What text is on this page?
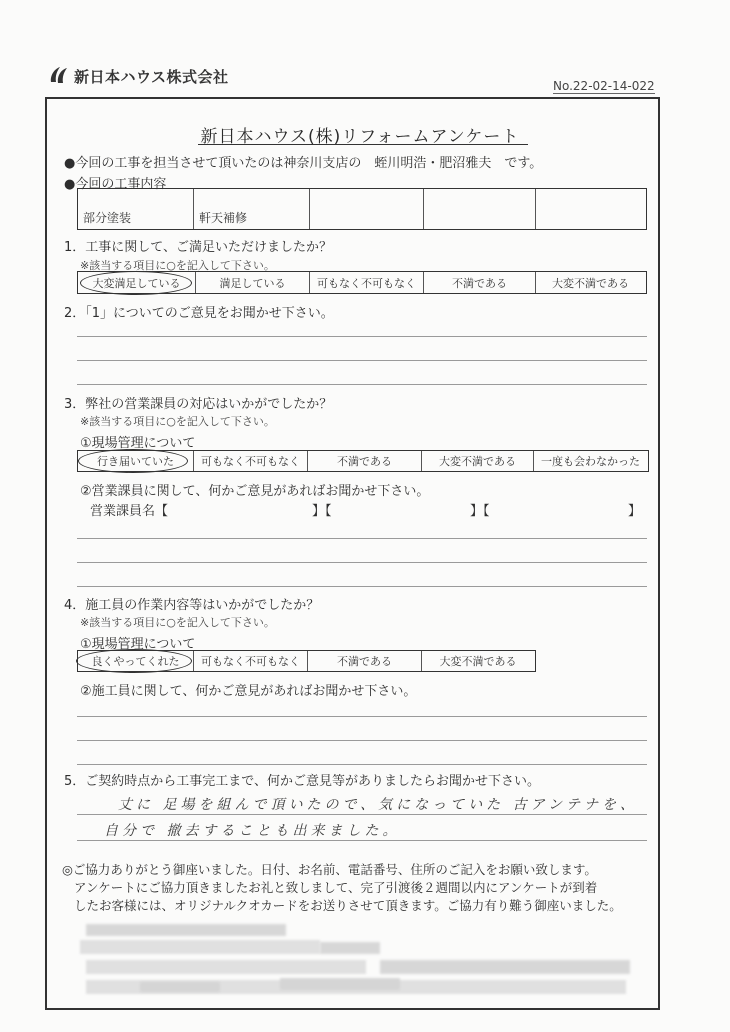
新日本ハウス株式会社	No.22-02-14-022
新日本ハウス(株)リフォームアンケート
●今回の工事を担当させて頂いたのは神奈川支店の　蛭川明浩・肥沼雅夫　です。
●今回の工事内容
部分塗装	軒天補修
1．工事に関して、ご満足いただけましたか？
※該当する項目に○を記入して下さい。
大変満足している	満足している	可もなく不可もなく	不満である	大変不満である
2．「1」についてのご意見をお聞かせ下さい。
3．弊社の営業課員の対応はいかがでしたか？
※該当する項目に○を記入して下さい。
①現場管理について
行き届いていた	可もなく不可もなく	不満である	大変不満である	一度も会わなかった
②営業課員に関して、何かご意見があればお聞かせ下さい。
営業課員名【	】【	】【	】
4．施工員の作業内容等はいかがでしたか？
※該当する項目に○を記入して下さい。
①現場管理について
良くやってくれた	可もなく不可もなく	不満である	大変不満である
②施工員に関して、何かご意見があればお聞かせ下さい。
5．ご契約時点から工事完工まで、何かご意見等がありましたらお聞かせ下さい。
丈に 足場を組んで頂いたので、気になっていた 古アンテナを、
自分で 撤去することも出来ました。
◎ご協力ありがとう御座いました。日付、お名前、電話番号、住所のご記入をお願い致します。
アンケートにご協力頂きましたお礼と致しまして、完了引渡後２週間以内にアンケートが到着
したお客様には、オリジナルクオカードをお送りさせて頂きます。ご協力有り難う御座いました。
